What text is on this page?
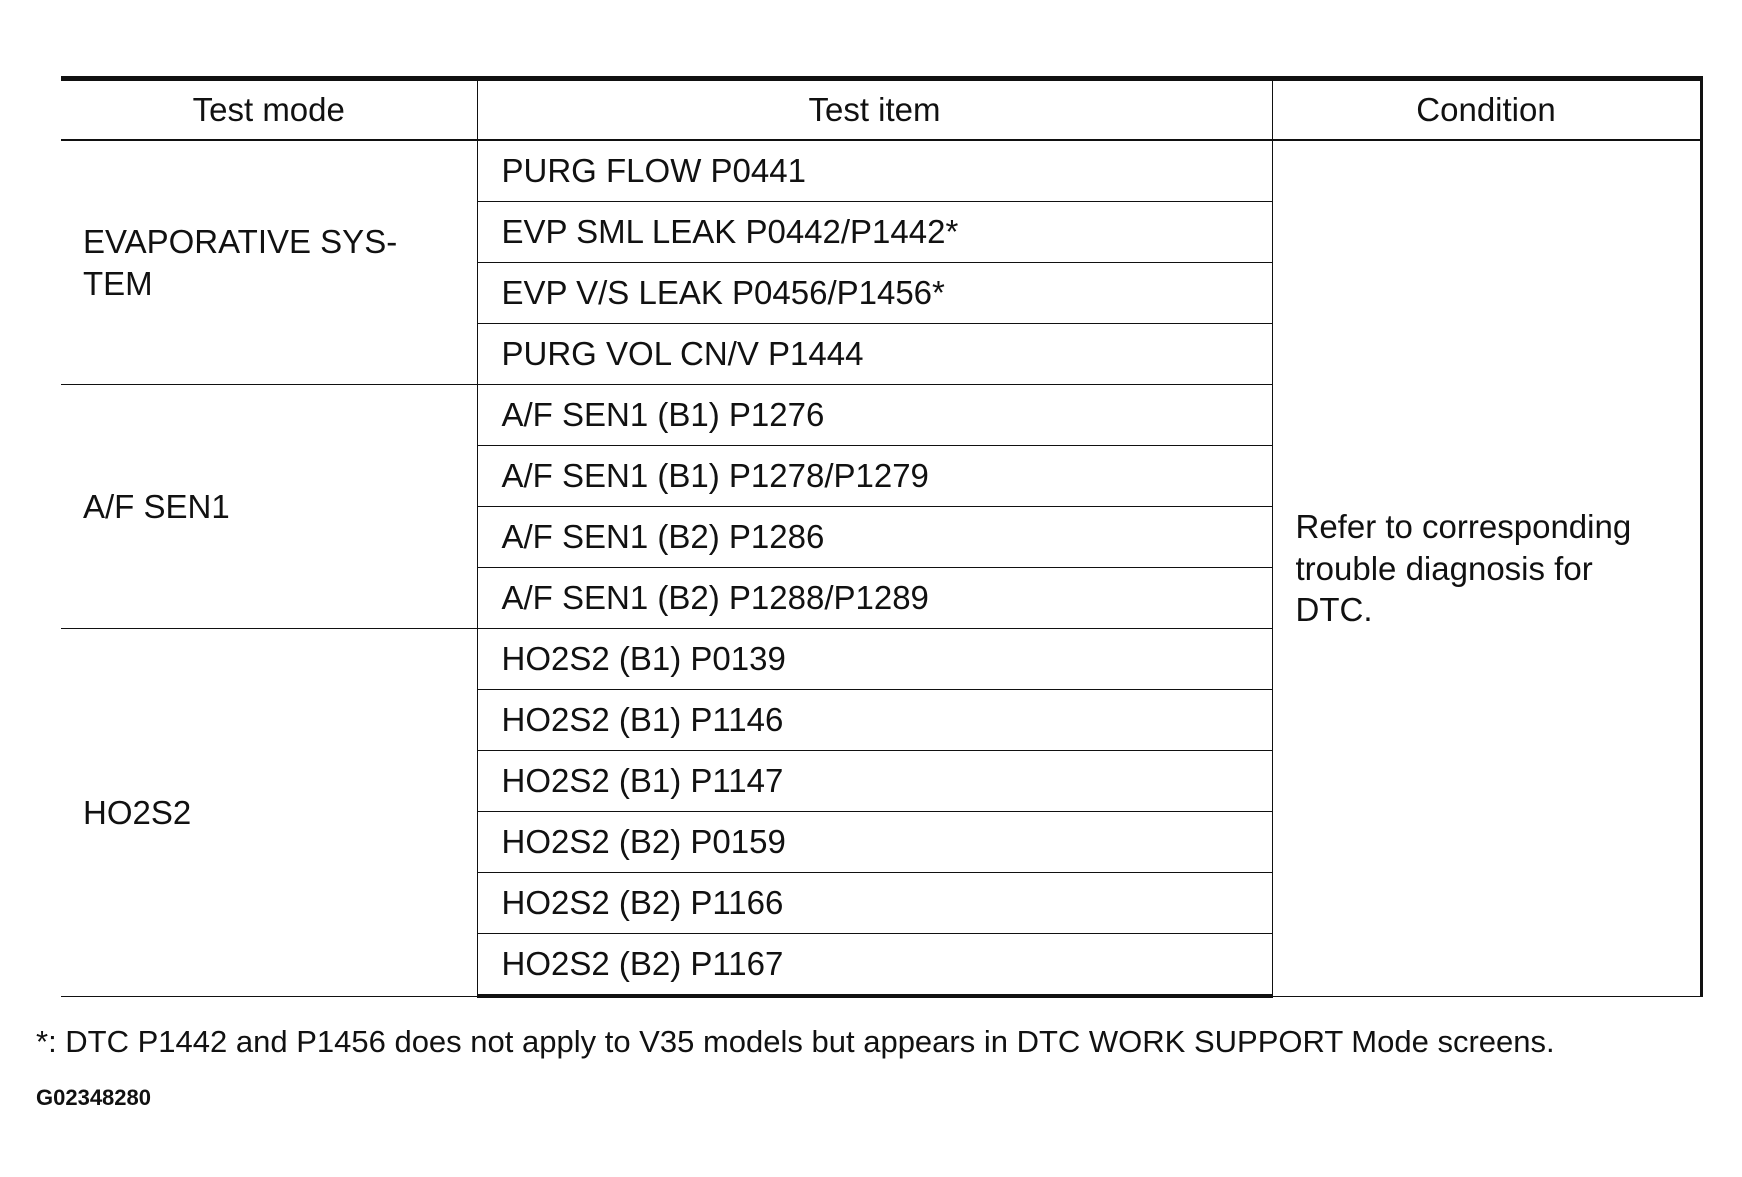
Test mode	Test item	Condition
EVAPORATIVE SYS-TEM	PURG FLOW P0441	Refer to corresponding trouble diagnosis for DTC.
	EVP SML LEAK P0442/P1442*	
	EVP V/S LEAK P0456/P1456*	
	PURG VOL CN/V P1444	
A/F SEN1	A/F SEN1 (B1) P1276	
	A/F SEN1 (B1) P1278/P1279	
	A/F SEN1 (B2) P1286	
	A/F SEN1 (B2) P1288/P1289	
HO2S2	HO2S2 (B1) P0139	
	HO2S2 (B1) P1146	
	HO2S2 (B1) P1147	
	HO2S2 (B2) P0159	
	HO2S2 (B2) P1166	
	HO2S2 (B2) P1167	
*: DTC P1442 and P1456 does not apply to V35 models but appears in DTC WORK SUPPORT Mode screens.
G02348280
